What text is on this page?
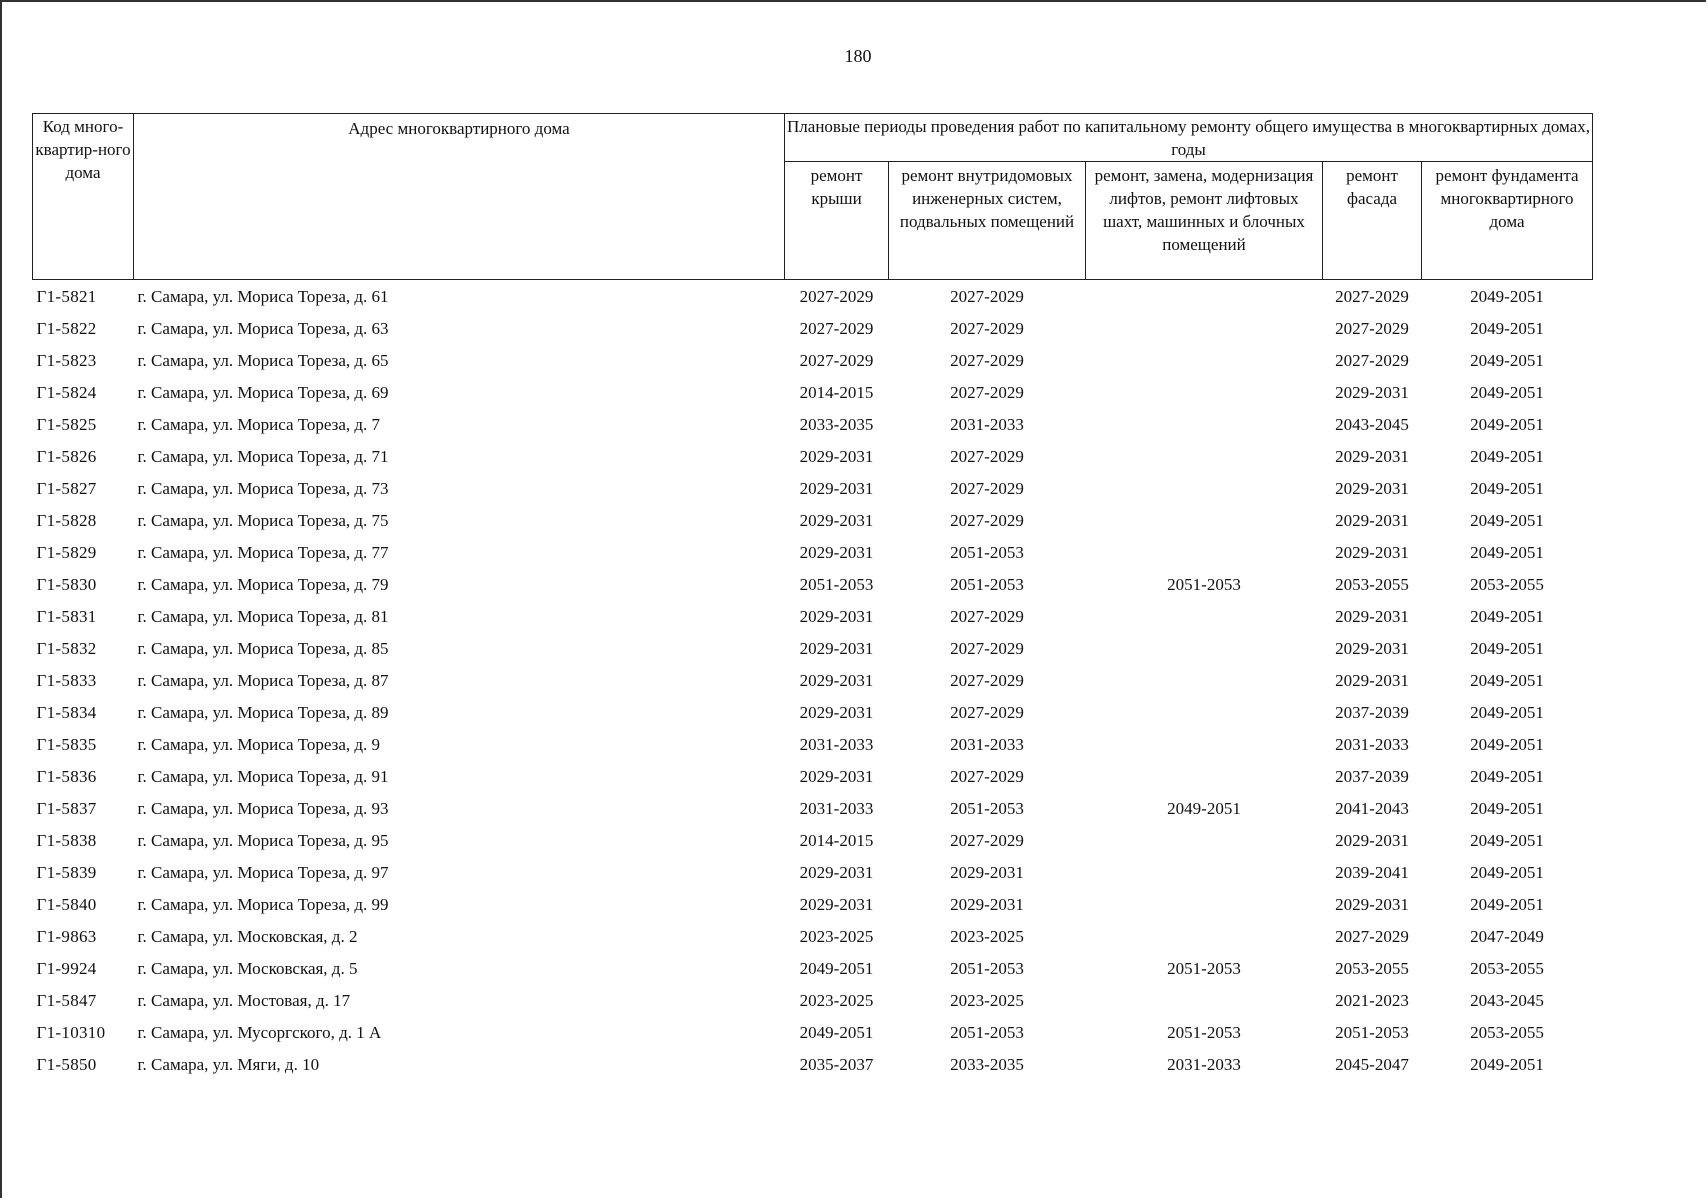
180
Код много-квартир-ного дома	Адрес многоквартирного дома	Плановые периоды проведения работ по капитальному ремонту общего имущества в многоквартирных домах, годы				
		ремонт крыши	ремонт внутридомовых инженерных систем, подвальных помещений	ремонт, замена, модернизация лифтов, ремонт лифтовых шахт, машинных и блочных помещений	ремонт фасада	ремонт фундамента многоквартирного дома
Г1-5821	г. Самара, ул. Мориса Тореза, д. 61	2027-2029	2027-2029		2027-2029	2049-2051
Г1-5822	г. Самара, ул. Мориса Тореза, д. 63	2027-2029	2027-2029		2027-2029	2049-2051
Г1-5823	г. Самара, ул. Мориса Тореза, д. 65	2027-2029	2027-2029		2027-2029	2049-2051
Г1-5824	г. Самара, ул. Мориса Тореза, д. 69	2014-2015	2027-2029		2029-2031	2049-2051
Г1-5825	г. Самара, ул. Мориса Тореза, д. 7	2033-2035	2031-2033		2043-2045	2049-2051
Г1-5826	г. Самара, ул. Мориса Тореза, д. 71	2029-2031	2027-2029		2029-2031	2049-2051
Г1-5827	г. Самара, ул. Мориса Тореза, д. 73	2029-2031	2027-2029		2029-2031	2049-2051
Г1-5828	г. Самара, ул. Мориса Тореза, д. 75	2029-2031	2027-2029		2029-2031	2049-2051
Г1-5829	г. Самара, ул. Мориса Тореза, д. 77	2029-2031	2051-2053		2029-2031	2049-2051
Г1-5830	г. Самара, ул. Мориса Тореза, д. 79	2051-2053	2051-2053	2051-2053	2053-2055	2053-2055
Г1-5831	г. Самара, ул. Мориса Тореза, д. 81	2029-2031	2027-2029		2029-2031	2049-2051
Г1-5832	г. Самара, ул. Мориса Тореза, д. 85	2029-2031	2027-2029		2029-2031	2049-2051
Г1-5833	г. Самара, ул. Мориса Тореза, д. 87	2029-2031	2027-2029		2029-2031	2049-2051
Г1-5834	г. Самара, ул. Мориса Тореза, д. 89	2029-2031	2027-2029		2037-2039	2049-2051
Г1-5835	г. Самара, ул. Мориса Тореза, д. 9	2031-2033	2031-2033		2031-2033	2049-2051
Г1-5836	г. Самара, ул. Мориса Тореза, д. 91	2029-2031	2027-2029		2037-2039	2049-2051
Г1-5837	г. Самара, ул. Мориса Тореза, д. 93	2031-2033	2051-2053	2049-2051	2041-2043	2049-2051
Г1-5838	г. Самара, ул. Мориса Тореза, д. 95	2014-2015	2027-2029		2029-2031	2049-2051
Г1-5839	г. Самара, ул. Мориса Тореза, д. 97	2029-2031	2029-2031		2039-2041	2049-2051
Г1-5840	г. Самара, ул. Мориса Тореза, д. 99	2029-2031	2029-2031		2029-2031	2049-2051
Г1-9863	г. Самара, ул. Московская, д. 2	2023-2025	2023-2025		2027-2029	2047-2049
Г1-9924	г. Самара, ул. Московская, д. 5	2049-2051	2051-2053	2051-2053	2053-2055	2053-2055
Г1-5847	г. Самара, ул. Мостовая, д. 17	2023-2025	2023-2025		2021-2023	2043-2045
Г1-10310	г. Самара, ул. Мусоргского, д. 1 А	2049-2051	2051-2053	2051-2053	2051-2053	2053-2055
Г1-5850	г. Самара, ул. Мяги, д. 10	2035-2037	2033-2035	2031-2033	2045-2047	2049-2051
